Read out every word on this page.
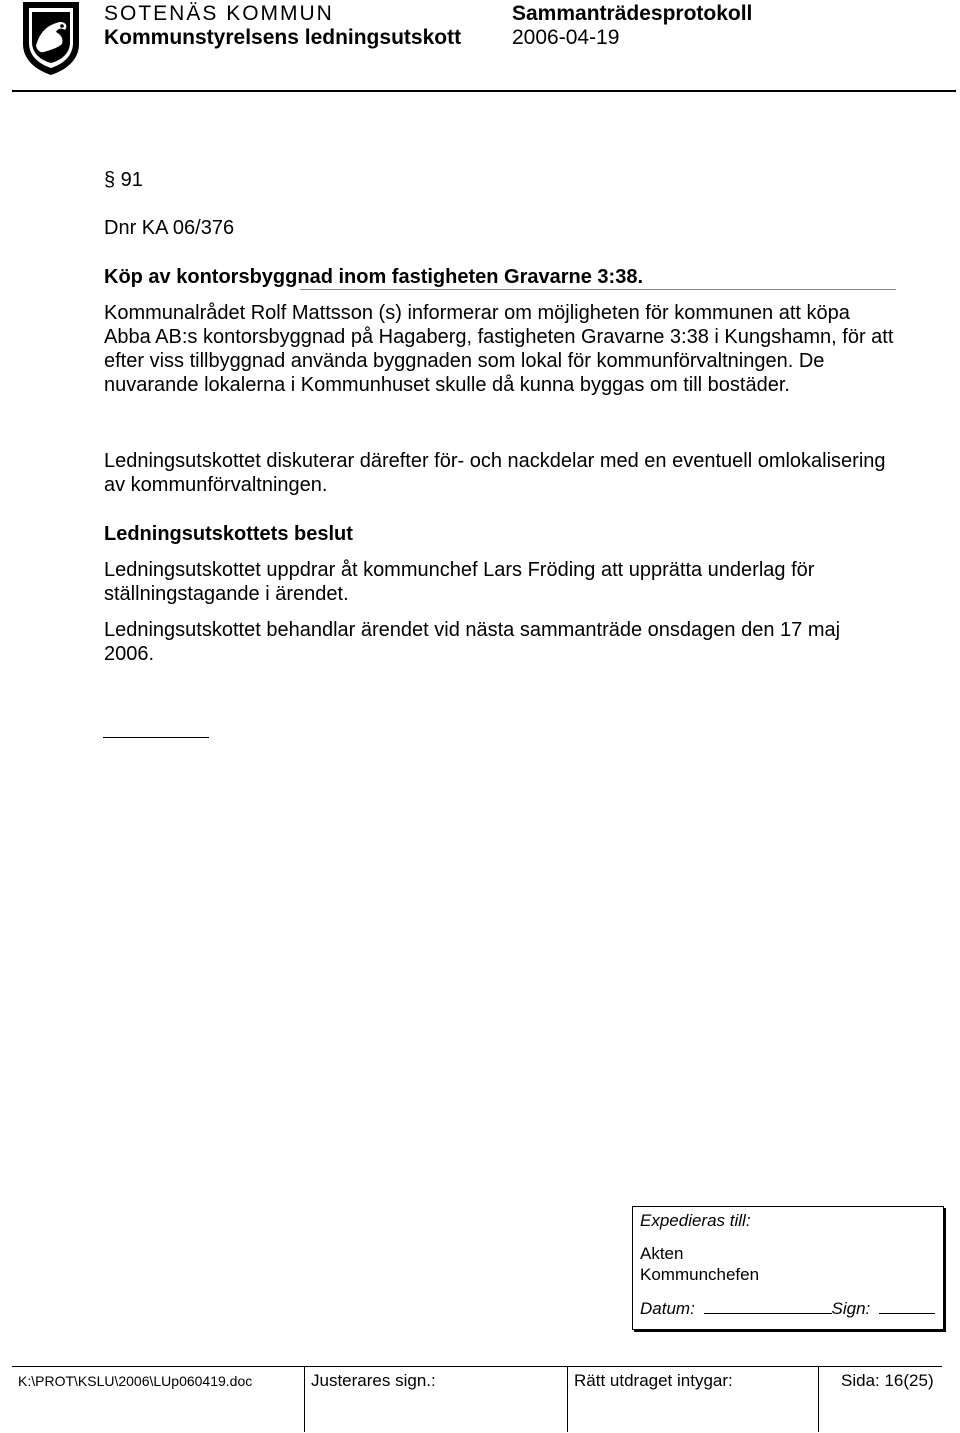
SOTENÄS KOMMUN
Kommunstyrelsens ledningsutskott
Sammanträdesprotokoll
2006-04-19
§ 91
Dnr KA 06/376
Köp av kontorsbyggnad inom fastigheten Gravarne 3:38.
Kommunalrådet Rolf Mattsson (s) informerar om möjligheten för kommunen att köpa Abba AB:s kontorsbyggnad på Hagaberg, fastigheten Gravarne 3:38 i Kungshamn, för att efter viss tillbyggnad använda byggnaden som lokal för kommunförvaltningen. De nuvarande lokalerna i Kommunhuset skulle då kunna byggas om till bostäder.
Ledningsutskottet diskuterar därefter för- och nackdelar med en eventuell omlokalisering av kommunförvaltningen.
Ledningsutskottets beslut
Ledningsutskottet uppdrar åt kommunchef Lars Fröding att upprätta underlag för ställningstagande i ärendet.
Ledningsutskottet behandlar ärendet vid nästa sammanträde onsdagen den 17 maj 2006.
Expedieras till:
Akten
Kommunchefen
Datum:	Sign:
K:\PROT\KSLU\2006\LUp060419.doc	Justerares sign.:	Rätt utdraget intygar:	Sida: 16(25)
